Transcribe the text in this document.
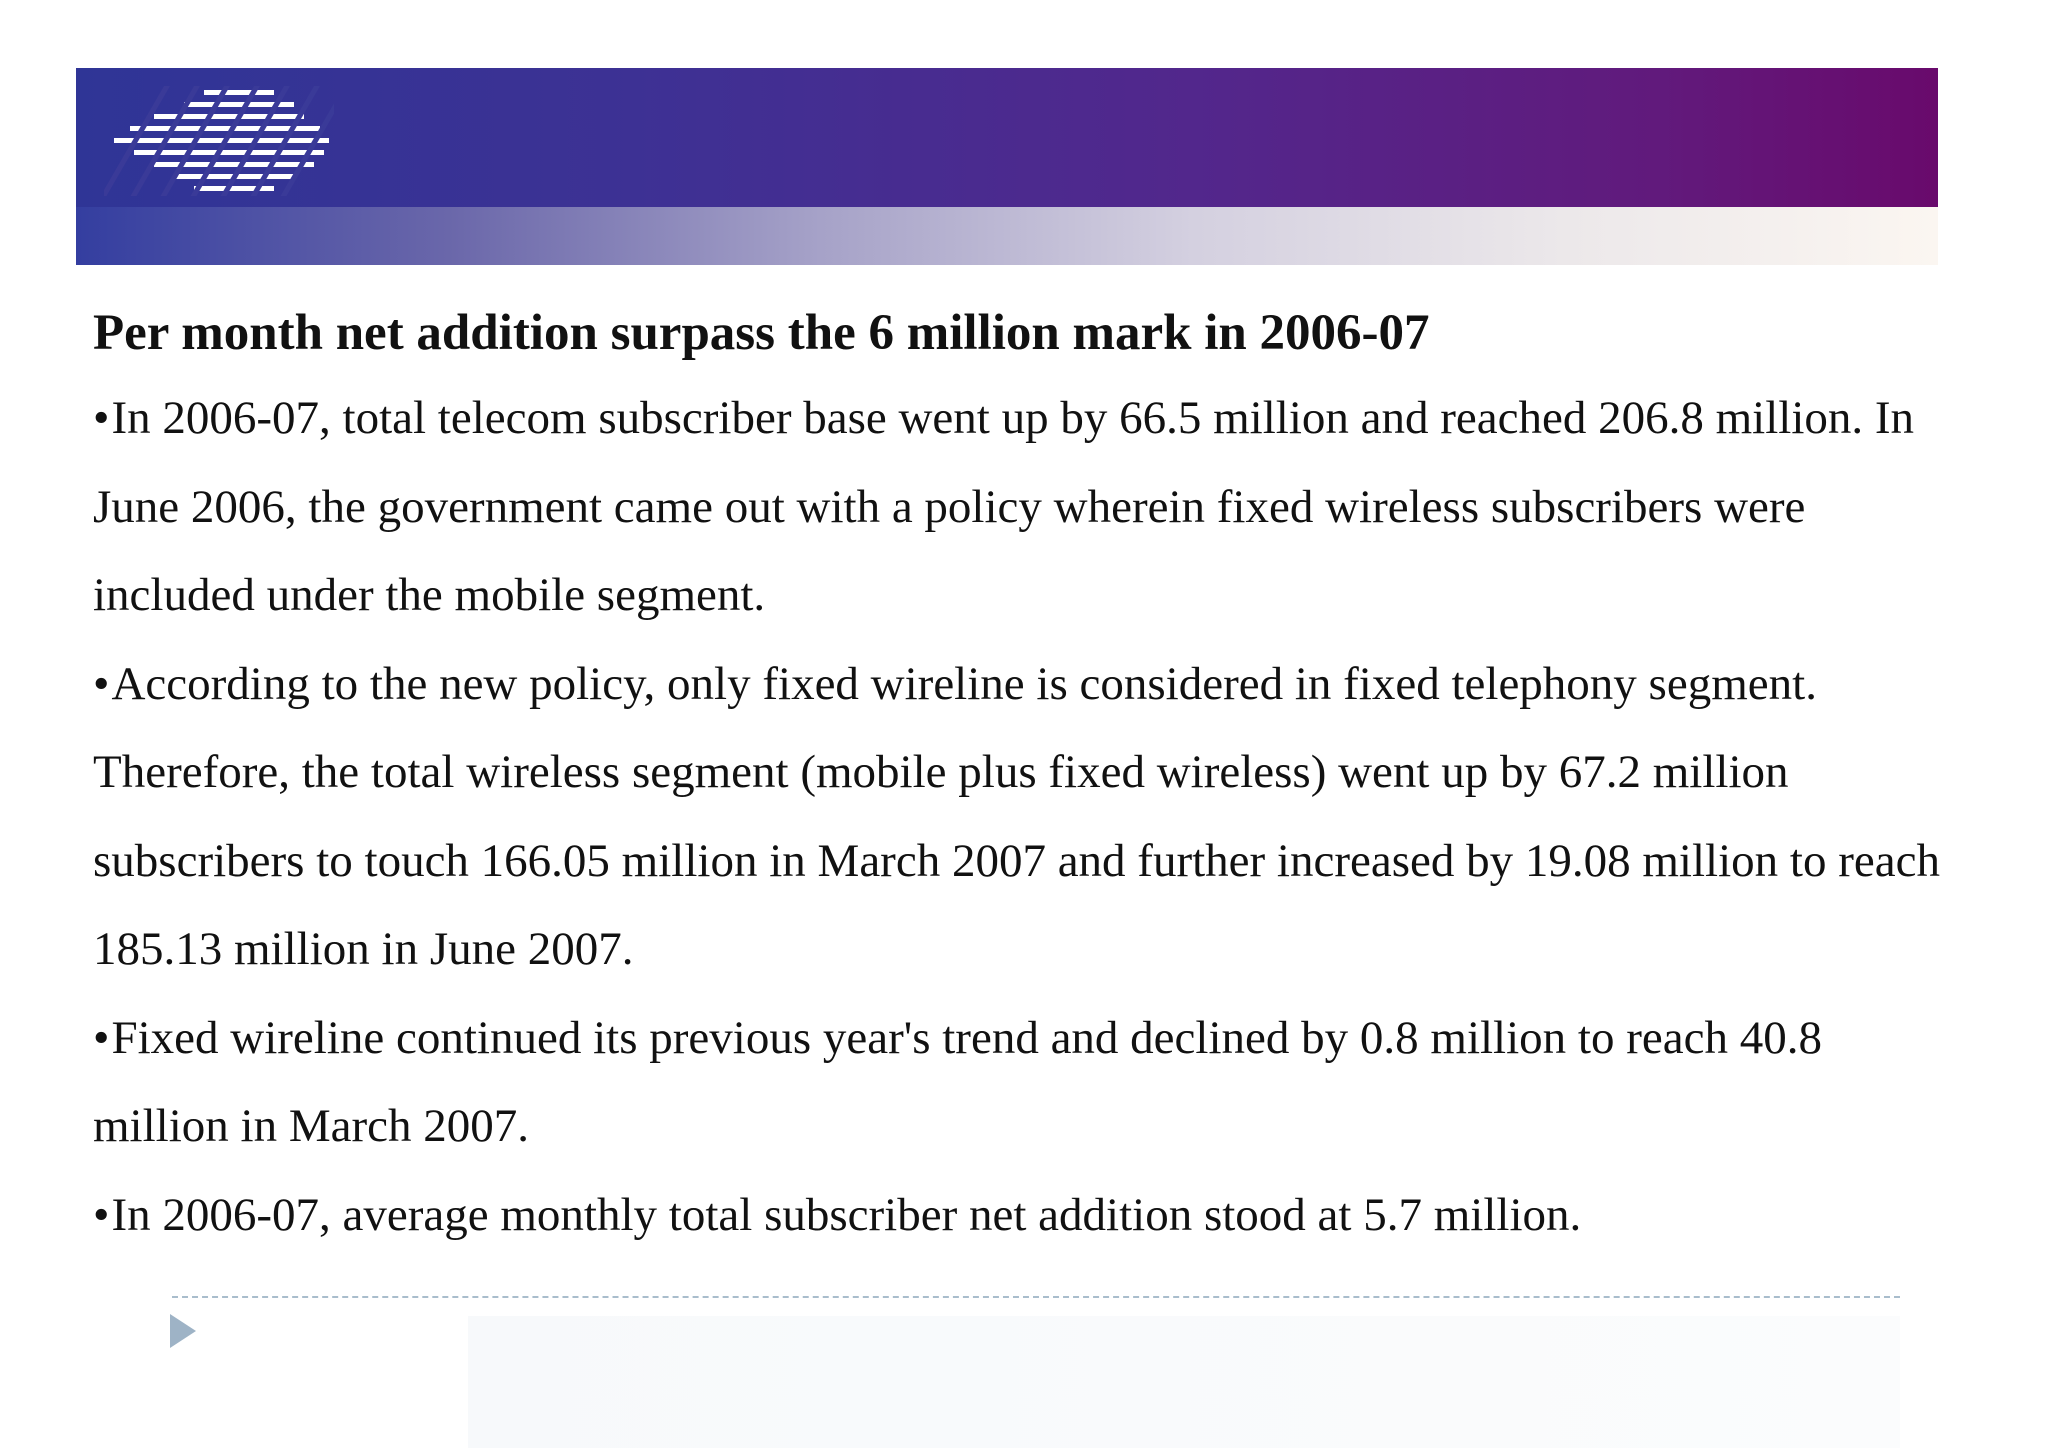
Per month net addition surpass the 6 million mark in 2006-07

•In 2006-07, total telecom subscriber base went up by 66.5 million and reached 206.8 million. In June 2006, the government came out with a policy wherein fixed wireless subscribers were included under the mobile segment.

•According to the new policy, only fixed wireline is considered in fixed telephony segment. Therefore, the total wireless segment (mobile plus fixed wireless) went up by 67.2 million subscribers to touch 166.05 million in March 2007 and further increased by 19.08 million to reach 185.13 million in June 2007.

•Fixed wireline continued its previous year's trend and declined by 0.8 million to reach 40.8 million in March 2007.

•In 2006-07, average monthly total subscriber net addition stood at 5.7 million.
